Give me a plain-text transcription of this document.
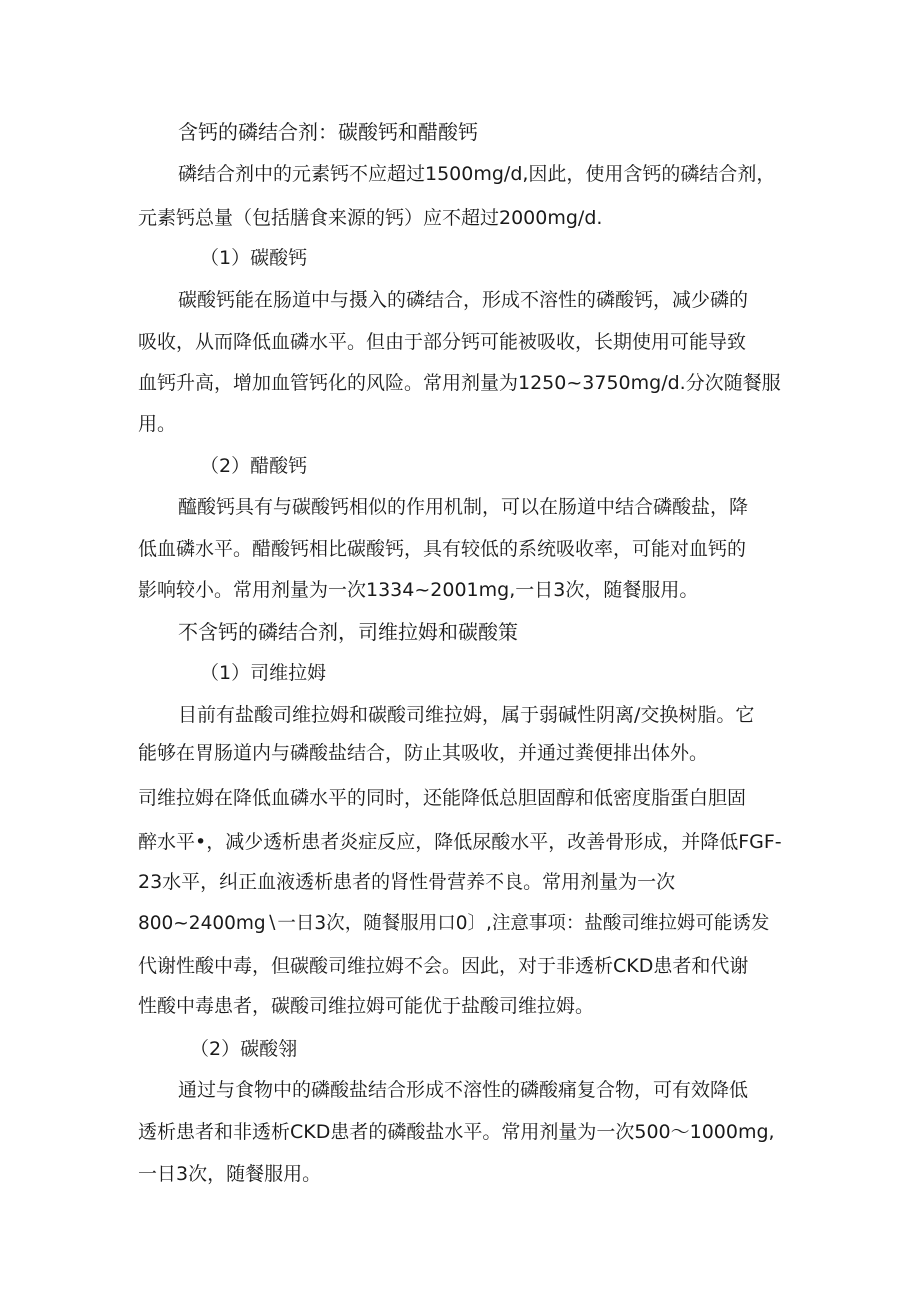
含钙的磷结合剂：碳酸钙和醋酸钙
磷结合剂中的元素钙不应超过1500mg∕d,因此，使用含钙的磷结合剂，
元素钙总量（包括膳食来源的钙）应不超过2000mg/d.
（1）碳酸钙
碳酸钙能在肠道中与摄入的磷结合，形成不溶性的磷酸钙，减少磷的
吸收，从而降低血磷水平。但由于部分钙可能被吸收，长期使用可能导致
血钙升高，增加血管钙化的风险。常用剂量为1250~3750mg∕d.分次随餐服
用。
（2）醋酸钙
醯酸钙具有与碳酸钙相似的作用机制，可以在肠道中结合磷酸盐，降
低血磷水平。醋酸钙相比碳酸钙，具有较低的系统吸收率，可能对血钙的
影响较小。常用剂量为一次1334~2001mg,一日3次，随餐服用。
不含钙的磷结合剂，司维拉姆和碳酸策
（1）司维拉姆
目前有盐酸司维拉姆和碳酸司维拉姆，属于弱碱性阴离/交换树脂。它
能够在胃肠道内与磷酸盐结合，防止其吸收，并通过粪便排出体外。
司维拉姆在降低血磷水平的同时，还能降低总胆固醇和低密度脂蛋白胆固
醉水平•，减少透析患者炎症反应，降低尿酸水平，改善骨形成，并降低FGF-
23水平，纠正血液透析患者的肾性骨营养不良。常用剂量为一次
800~2400mg∖一日3次，随餐服用口0〕,注意事项：盐酸司维拉姆可能诱发
代谢性酸中毒，但碳酸司维拉姆不会。因此，对于非透析CKD患者和代谢
性酸中毒患者，碳酸司维拉姆可能优于盐酸司维拉姆。
（2）碳酸翎
通过与食物中的磷酸盐结合形成不溶性的磷酸痛复合物，可有效降低
透析患者和非透析CKD患者的磷酸盐水平。常用剂量为一次500〜1000mg,
一日3次，随餐服用。
